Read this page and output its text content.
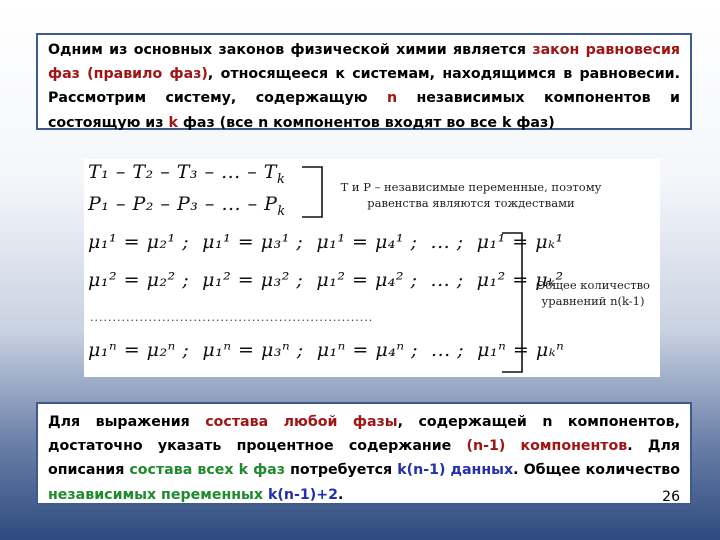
Одним из основных законов физической химии является закон равновесия фаз (правило фаз), относящееся к системам, находящимся в равновесии. Рассмотрим систему, содержащую n независимых компонентов и состоящую из k фаз (все n компонентов входят во все k фаз)

T₁ – T₂ – T₃ – ... – $T_k$
P₁ – P₂ – P₃ – ... – $P_k$
T и P – независимые переменные, поэтому
равенства являются тождествами
μ₁¹ = μ₂¹ ;  μ₁¹ = μ₃¹ ;  μ₁¹ = μ₄¹ ;  ... ;  μ₁¹ = μₖ¹
μ₁² = μ₂² ;  μ₁² = μ₃² ;  μ₁² = μ₄² ;  ... ;  μ₁² = μₖ²
...............................................................
μ₁ⁿ = μ₂ⁿ ;  μ₁ⁿ = μ₃ⁿ ;  μ₁ⁿ = μ₄ⁿ ;  ... ;  μ₁ⁿ = μₖⁿ
Общее количество
уравнений n(k-1)

Для выражения состава любой фазы, содержащей n компонентов, достаточно указать процентное содержание (n-1) компонентов. Для описания состава всех k фаз потребуется k(n-1) данных. Общее количество независимых переменных k(n-1)+2.	26
